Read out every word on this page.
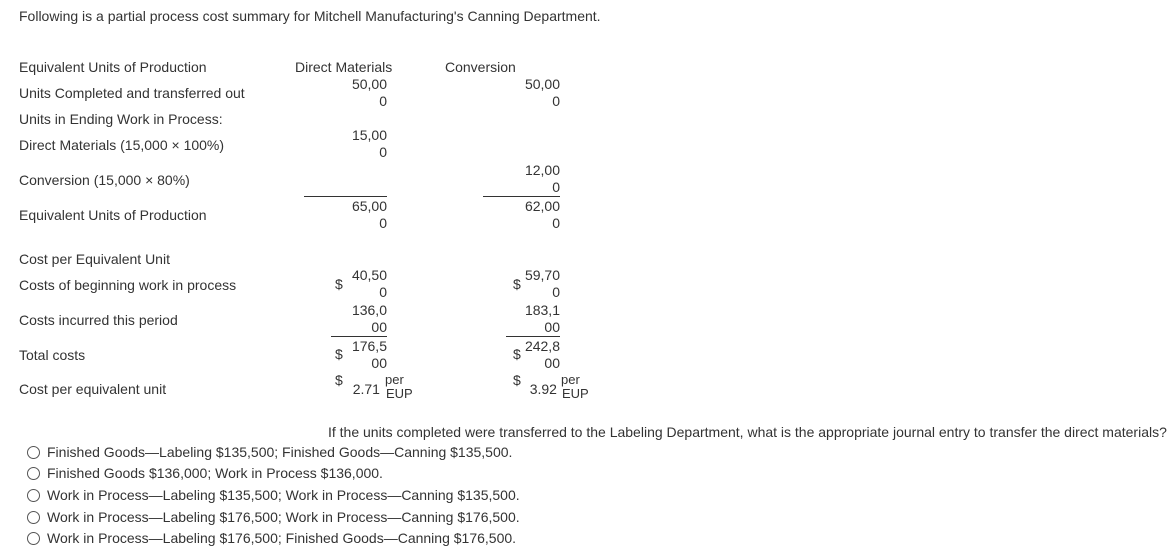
Following is a partial process cost summary for Mitchell Manufacturing's Canning Department.
Direct Materials	Conversion
Equivalent Units of Production
Units Completed and transferred out
Units in Ending Work in Process:
Direct Materials (15,000 × 100%)
Conversion (15,000 × 80%)
Equivalent Units of Production
Cost per Equivalent Unit
Costs of beginning work in process
Costs incurred this period
Total costs
Cost per equivalent unit
50,00
0
15,00
0
65,00
0
50,00
0
12,00
0
62,00
0
$
40,50
0
136,0
00
$ 176,5
00
$ 2.71
per
EUP
$
59,70
0
183,1
00
$ 242,8
00
$ 3.92
per
EUP
If the units completed were transferred to the Labeling Department, what is the appropriate journal entry to transfer the direct materials?
Finished Goods—Labeling $135,500; Finished Goods—Canning $135,500.
Finished Goods $136,000; Work in Process $136,000.
Work in Process—Labeling $135,500; Work in Process—Canning $135,500.
Work in Process—Labeling $176,500; Work in Process—Canning $176,500.
Work in Process—Labeling $176,500; Finished Goods—Canning $176,500.
